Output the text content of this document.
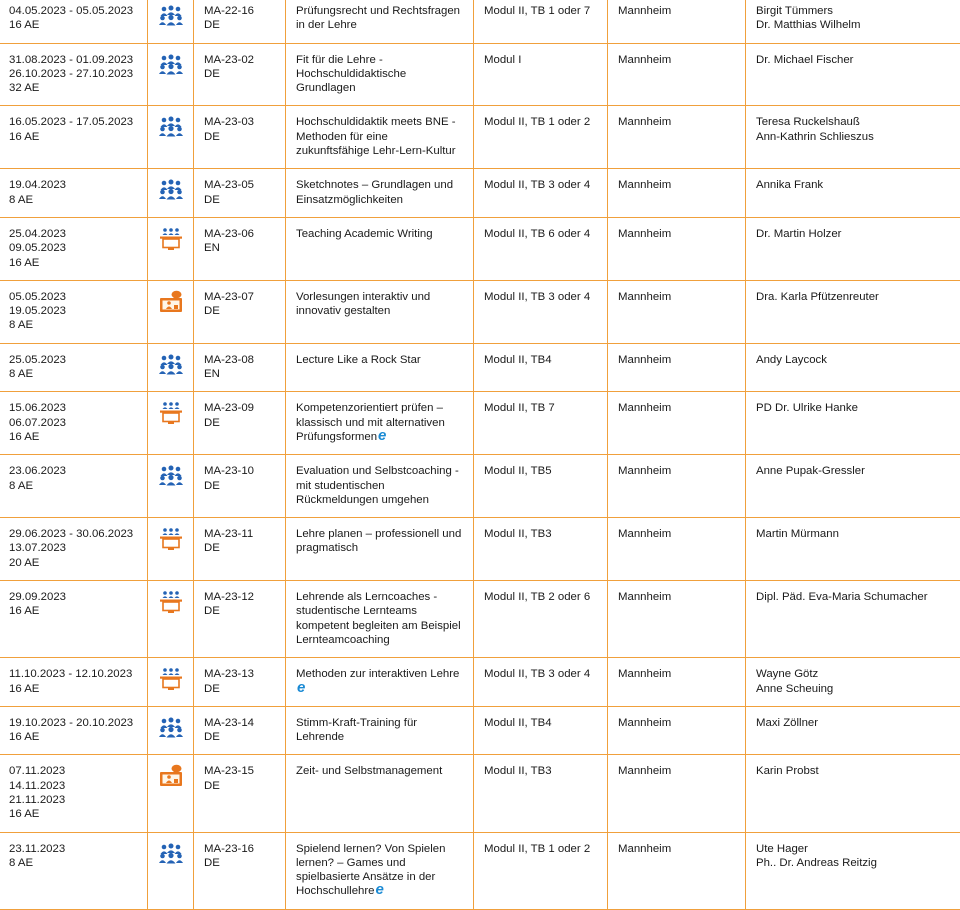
04.05.2023 - 05.05.2023
16 AE		MA-22-16
DE	Prüfungsrecht und Rechtsfragen in der Lehre	Modul II, TB 1 oder 7	Mannheim	Birgit Tümmers
Dr. Matthias Wilhelm

31.08.2023 - 01.09.2023
26.10.2023 - 27.10.2023
32 AE		MA-23-02
DE	Fit für die Lehre - Hochschuldidaktische Grundlagen	Modul I	Mannheim	Dr. Michael Fischer

16.05.2023 - 17.05.2023
16 AE		MA-23-03
DE	Hochschuldidaktik meets BNE - Methoden für eine zukunftsfähige Lehr-Lern-Kultur	Modul II, TB 1 oder 2	Mannheim	Teresa Ruckelshauß
Ann-Kathrin Schlieszus

19.04.2023
8 AE		MA-23-05
DE	Sketchnotes – Grundlagen und Einsatzmöglichkeiten	Modul II, TB 3 oder 4	Mannheim	Annika Frank

25.04.2023
09.05.2023
16 AE		MA-23-06
EN	Teaching Academic Writing	Modul II, TB 6 oder 4	Mannheim	Dr. Martin Holzer

05.05.2023
19.05.2023
8 AE		MA-23-07
DE	Vorlesungen interaktiv und innovativ gestalten	Modul II, TB 3 oder 4	Mannheim	Dra. Karla Pfützenreuter

25.05.2023
8 AE		MA-23-08
EN	Lecture Like a Rock Star	Modul II, TB4	Mannheim	Andy Laycock

15.06.2023
06.07.2023
16 AE		MA-23-09
DE	Kompetenzorientiert prüfen – klassisch und mit alternativen Prüfungsformene	Modul II, TB 7	Mannheim	PD Dr. Ulrike Hanke

23.06.2023
8 AE		MA-23-10
DE	Evaluation und Selbstcoaching - mit studentischen Rückmeldungen umgehen	Modul II, TB5	Mannheim	Anne Pupak-Gressler

29.06.2023 - 30.06.2023
13.07.2023
20 AE		MA-23-11
DE	Lehre planen – professionell und pragmatisch	Modul II, TB3	Mannheim	Martin Mürmann

29.09.2023
16 AE		MA-23-12
DE	Lehrende als Lerncoaches - studentische Lernteams kompetent begleiten am Beispiel Lernteamcoaching	Modul II, TB 2 oder 6	Mannheim	Dipl. Päd. Eva-Maria Schumacher

11.10.2023 - 12.10.2023
16 AE		MA-23-13
DE	Methoden zur interaktiven Lehree	Modul II, TB 3 oder 4	Mannheim	Wayne Götz
Anne Scheuing

19.10.2023 - 20.10.2023
16 AE		MA-23-14
DE	Stimm-Kraft-Training für Lehrende	Modul II, TB4	Mannheim	Maxi Zöllner

07.11.2023
14.11.2023
21.11.2023
16 AE		MA-23-15
DE	Zeit- und Selbstmanagement	Modul II, TB3	Mannheim	Karin Probst

23.11.2023
8 AE		MA-23-16
DE	Spielend lernen? Von Spielen lernen? – Games und spielbasierte Ansätze in der Hochschullehree	Modul II, TB 1 oder 2	Mannheim	Ute Hager
Ph.. Dr. Andreas Reitzig
